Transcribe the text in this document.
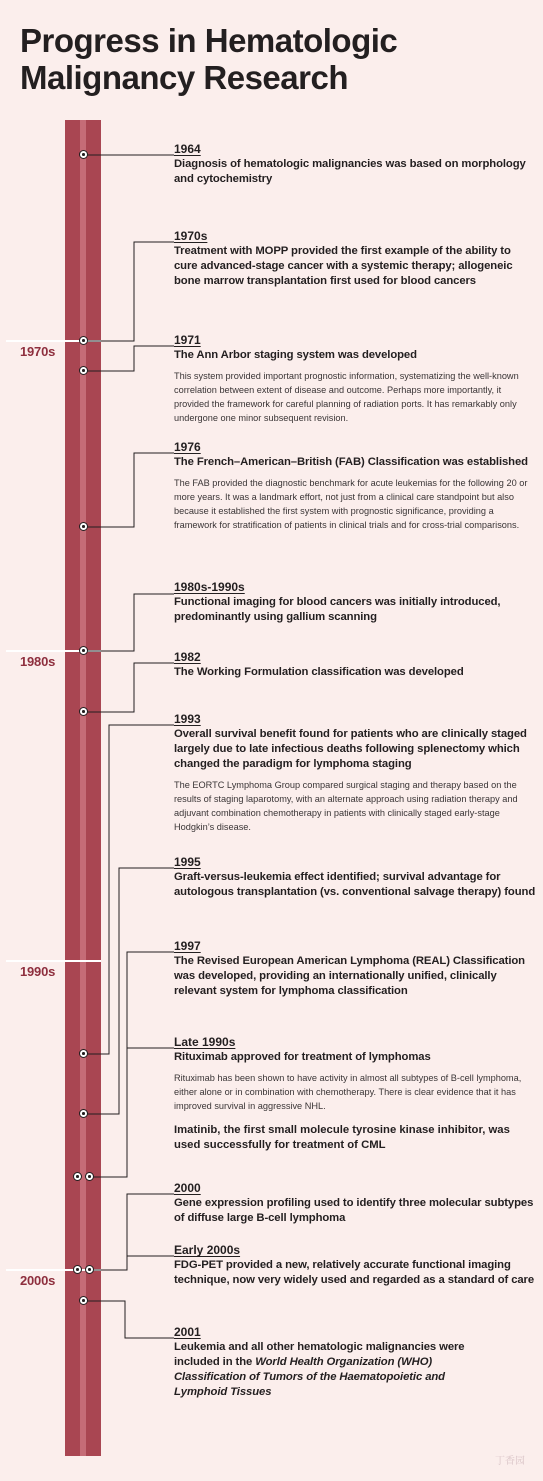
Progress in Hematologic Malignancy Research
1970s
1980s
1990s
2000s
1964
Diagnosis of hematologic malignancies was based on morphology and cytochemistry
1970s
Treatment with MOPP provided the first example of the ability to cure advanced-stage cancer with a systemic therapy; allogeneic bone marrow transplantation first used for blood cancers
1971
The Ann Arbor staging system was developed
This system provided important prognostic information, systematizing the well-known correlation between extent of disease and outcome. Perhaps more importantly, it provided the framework for careful planning of radiation ports. It has remarkably only undergone one minor subsequent revision.
1976
The French–American–British (FAB) Classification was established
The FAB provided the diagnostic benchmark for acute leukemias for the following 20 or more years. It was a landmark effort, not just from a clinical care standpoint but also because it established the first system with prognostic significance, providing a framework for stratification of patients in clinical trials and for cross-trial comparisons.
1980s-1990s
Functional imaging for blood cancers was initially introduced, predominantly using gallium scanning
1982
The Working Formulation classification was developed
1993
Overall survival benefit found for patients who are clinically staged largely due to late infectious deaths following splenectomy which changed the paradigm for lymphoma staging
The EORTC Lymphoma Group compared surgical staging and therapy based on the results of staging laparotomy, with an alternate approach using radiation therapy and adjuvant combination chemotherapy in patients with clinically staged early-stage Hodgkin’s disease.
1995
Graft-versus-leukemia effect identified; survival advantage for autologous transplantation (vs. conventional salvage therapy) found
1997
The Revised European American Lymphoma (REAL) Classification was developed, providing an internationally unified, clinically relevant system for lymphoma classification
Late 1990s
Rituximab approved for treatment of lymphomas
Rituximab has been shown to have activity in almost all subtypes of B-cell lymphoma, either alone or in combination with chemotherapy. There is clear evidence that it has improved survival in aggressive NHL.
Imatinib, the first small molecule tyrosine kinase inhibitor, was used successfully for treatment of CML
2000
Gene expression profiling used to identify three molecular subtypes of diffuse large B-cell lymphoma
Early 2000s
FDG-PET provided a new, relatively accurate functional imaging technique, now very widely used and regarded as a standard of care
2001
Leukemia and all other hematologic malignancies were included in the World Health Organization (WHO) Classification of Tumors of the Haematopoietic and Lymphoid Tissues
丁香园
